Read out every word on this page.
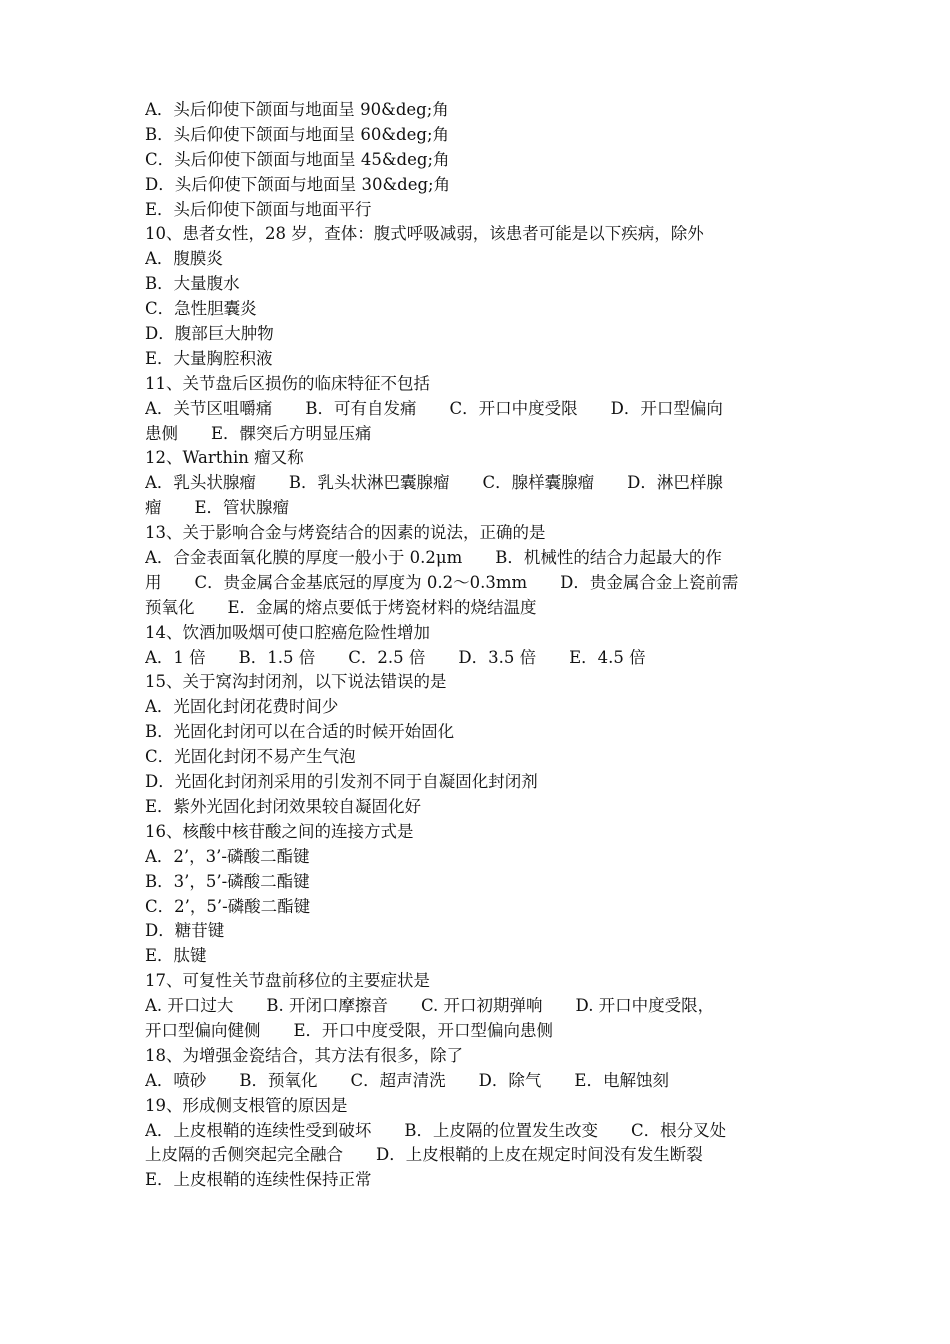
A．头后仰使下颌面与地面呈 90&deg;角
B．头后仰使下颌面与地面呈 60&deg;角
C．头后仰使下颌面与地面呈 45&deg;角
D．头后仰使下颌面与地面呈 30&deg;角
E．头后仰使下颌面与地面平行
10、患者女性，28 岁，查体：腹式呼吸减弱，该患者可能是以下疾病，除外
A．腹膜炎
B．大量腹水
C．急性胆囊炎
D．腹部巨大肿物
E．大量胸腔积液
11、关节盘后区损伤的临床特征不包括
A．关节区咀嚼痛　　B．可有自发痛　　C．开口中度受限　　D．开口型偏向
患侧　　E．髁突后方明显压痛
12、Warthin 瘤又称
A．乳头状腺瘤　　B．乳头状淋巴囊腺瘤　　C．腺样囊腺瘤　　D．淋巴样腺
瘤　　E．管状腺瘤
13、关于影响合金与烤瓷结合的因素的说法，正确的是
A．合金表面氧化膜的厚度一般小于 0.2μm　　B．机械性的结合力起最大的作
用　　C．贵金属合金基底冠的厚度为 0.2～0.3mm　　D．贵金属合金上瓷前需
预氧化　　E．金属的熔点要低于烤瓷材料的烧结温度
14、饮酒加吸烟可使口腔癌危险性增加
A．1 倍　　B．1.5 倍　　C．2.5 倍　　D．3.5 倍　　E．4.5 倍
15、关于窝沟封闭剂，以下说法错误的是
A．光固化封闭花费时间少
B．光固化封闭可以在合适的时候开始固化
C．光固化封闭不易产生气泡
D．光固化封闭剂采用的引发剂不同于自凝固化封闭剂
E．紫外光固化封闭效果较自凝固化好
16、核酸中核苷酸之间的连接方式是
A．2’，3’-磷酸二酯键
B．3’，5’-磷酸二酯键
C．2’，5’-磷酸二酯键
D．糖苷键
E．肽键
17、可复性关节盘前移位的主要症状是
A. 开口过大　　B. 开闭口摩擦音　　C. 开口初期弹响　　D. 开口中度受限，
开口型偏向健侧　　E．开口中度受限，开口型偏向患侧
18、为增强金瓷结合，其方法有很多，除了
A．喷砂　　B．预氧化　　C．超声清洗　　D．除气　　E．电解蚀刻
19、形成侧支根管的原因是
A．上皮根鞘的连续性受到破坏　　B．上皮隔的位置发生改变　　C．根分叉处
上皮隔的舌侧突起完全融合　　D．上皮根鞘的上皮在规定时间没有发生断裂
E．上皮根鞘的连续性保持正常
